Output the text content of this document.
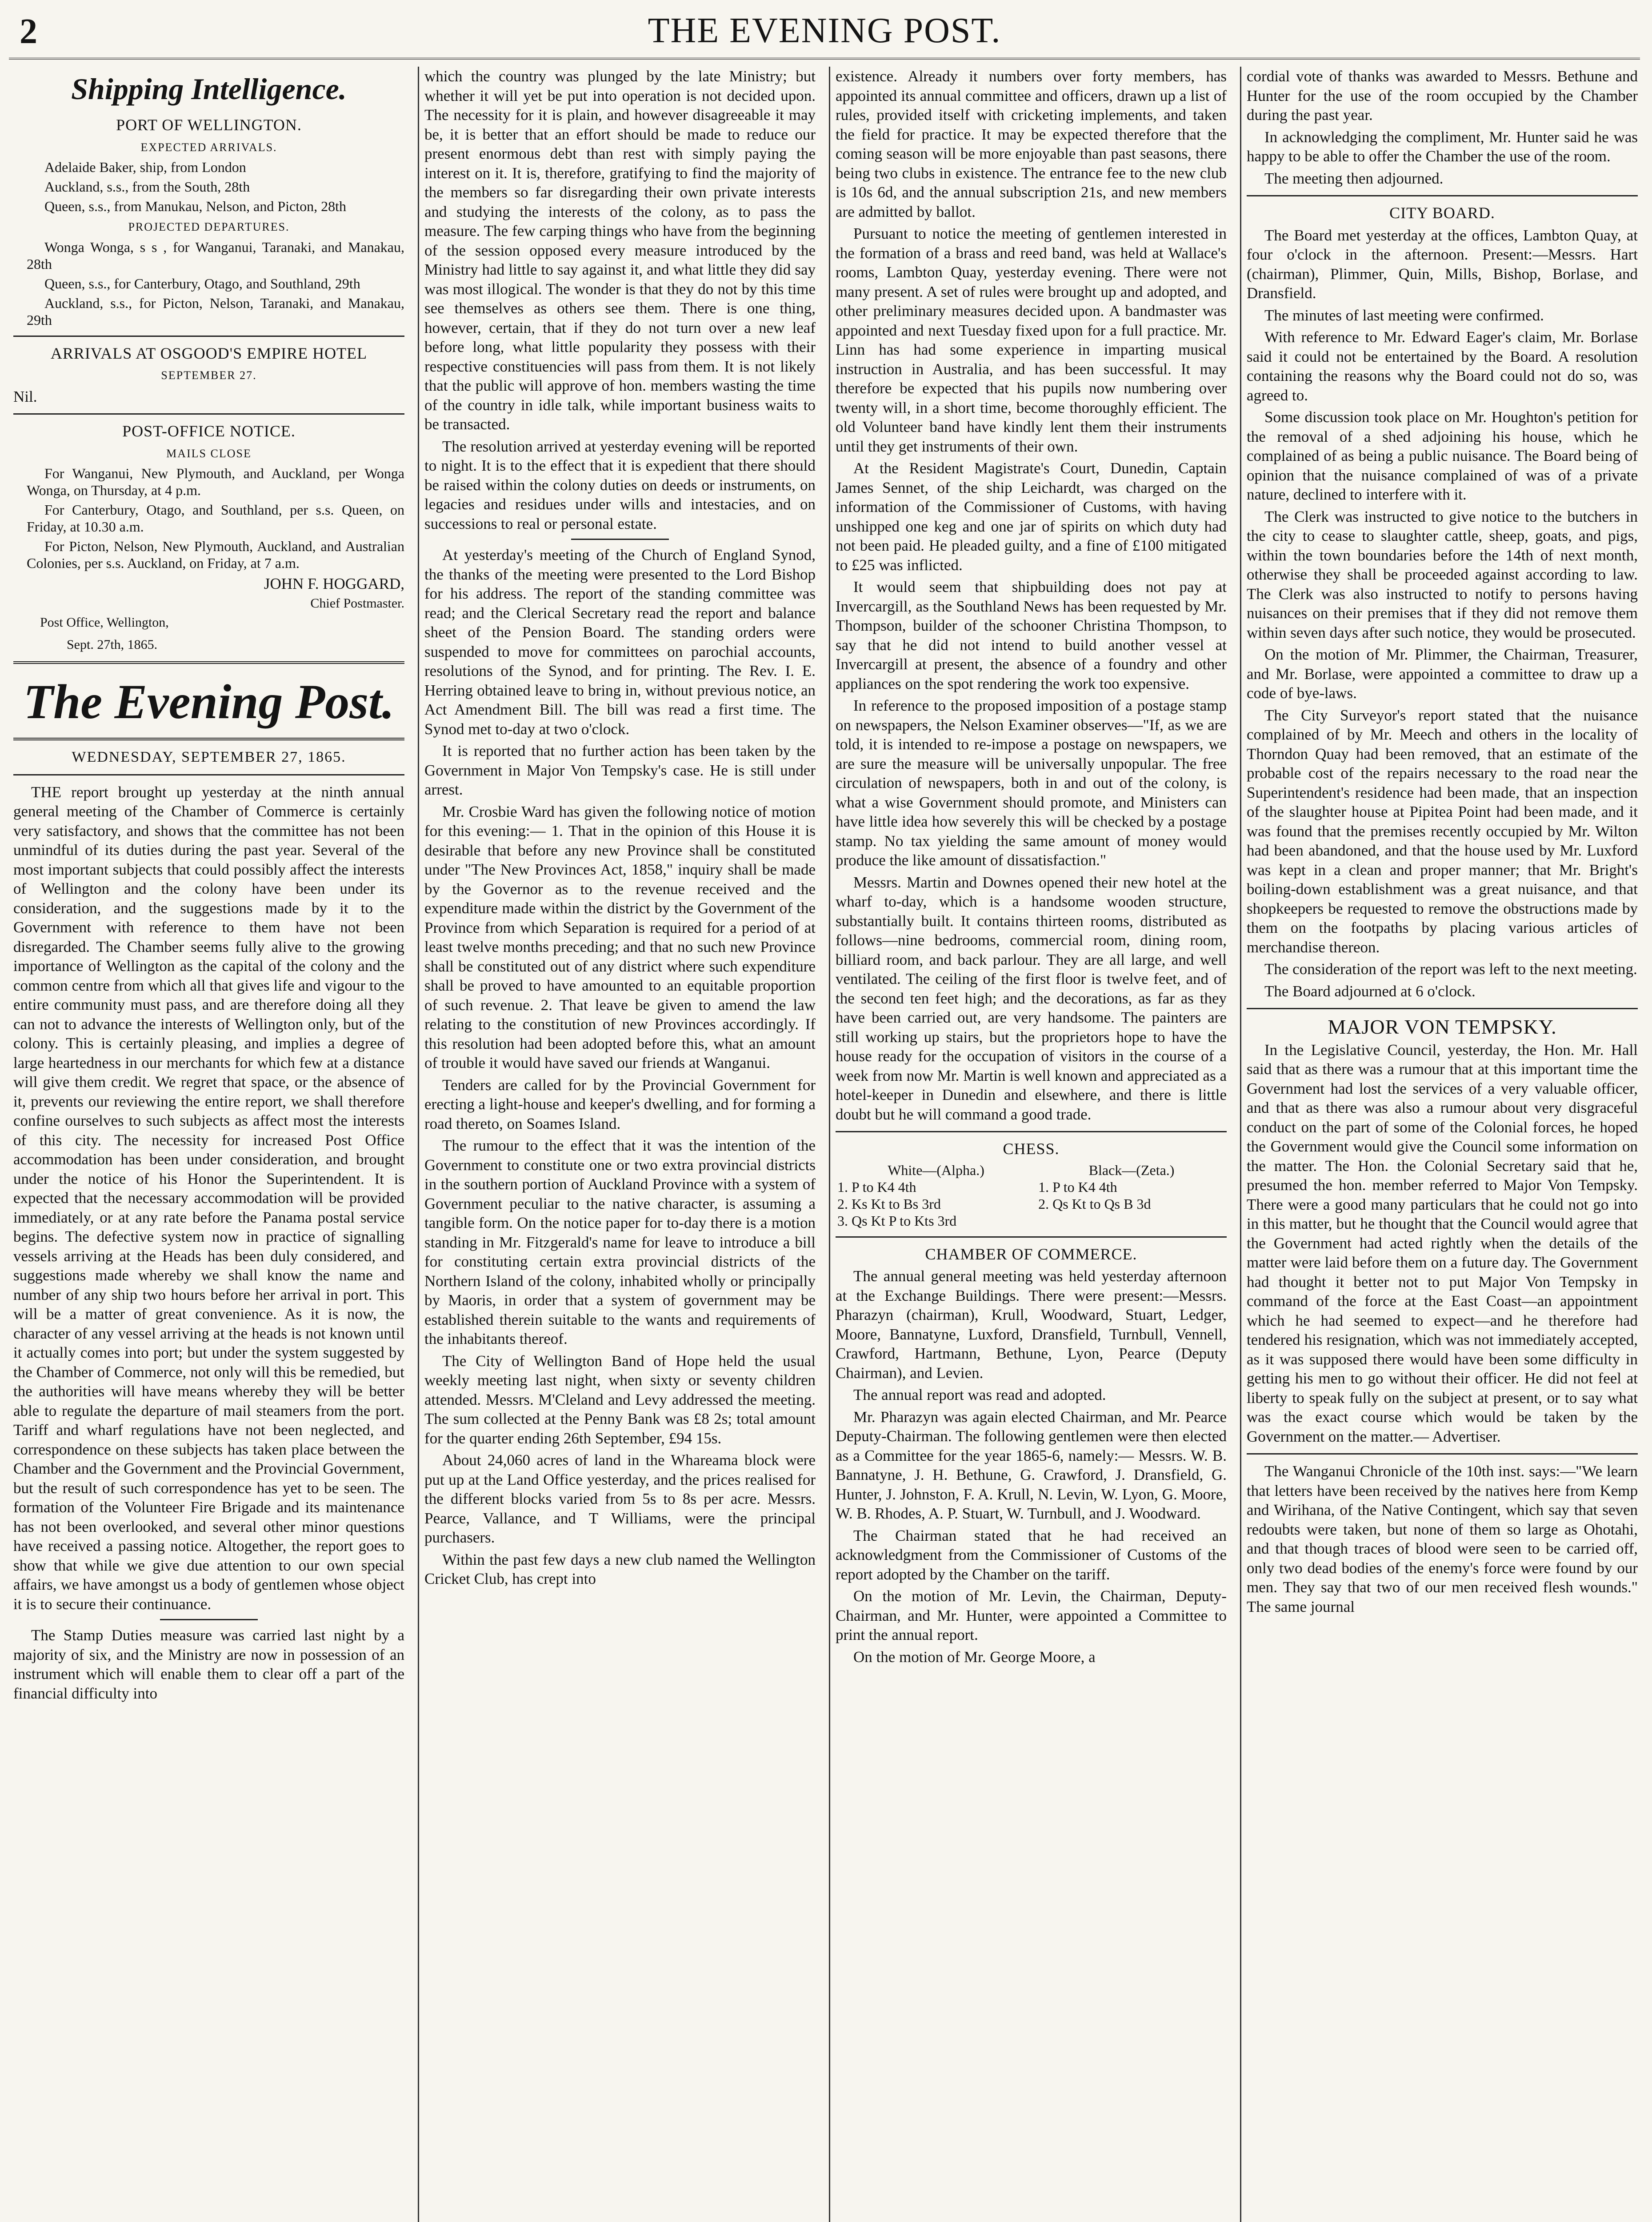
2	THE EVENING POST.
Shipping Intelligence.
PORT OF WELLINGTON.
EXPECTED ARRIVALS.

Adelaide Baker, ship, from London

Auckland, s.s., from the South, 28th

Queen, s.s., from Manukau, Nelson, and Picton, 28th

PROJECTED DEPARTURES.

Wonga Wonga, s s , for Wanganui, Taranaki, and Manakau, 28th

Queen, s.s., for Canterbury, Otago, and Southland, 29th

Auckland, s.s., for Picton, Nelson, Taranaki, and Manakau, 29th

ARRIVALS AT OSGOOD'S EMPIRE HOTEL
SEPTEMBER 27.

Nil.

POST-OFFICE NOTICE.
MAILS CLOSE

For Wanganui, New Plymouth, and Auckland, per Wonga Wonga, on Thursday, at 4 p.m.

For Canterbury, Otago, and Southland, per s.s. Queen, on Friday, at 10.30 a.m.

For Picton, Nelson, New Plymouth, Auckland, and Australian Colonies, per s.s. Auckland, on Friday, at 7 a.m.

JOHN F. HOGGARD,
Chief Postmaster.

Post Office, Wellington,

Sept. 27th, 1865.

The Evening Post.
WEDNESDAY, SEPTEMBER 27, 1865.

THE report brought up yesterday at the ninth annual general meeting of the Chamber of Commerce is certainly very satisfactory, and shows that the committee has not been unmindful of its duties during the past year. Several of the most important subjects that could possibly affect the interests of Wellington and the colony have been under its consideration, and the suggestions made by it to the Government with reference to them have not been disregarded. The Chamber seems fully alive to the growing importance of Wellington as the capital of the colony and the common centre from which all that gives life and vigour to the entire community must pass, and are therefore doing all they can not to advance the interests of Wellington only, but of the colony. This is certainly pleasing, and implies a degree of large heartedness in our merchants for which few at a distance will give them credit. We regret that space, or the absence of it, prevents our reviewing the entire report, we shall therefore confine ourselves to such subjects as affect most the interests of this city. The necessity for increased Post Office accommodation has been under consideration, and brought under the notice of his Honor the Superintendent. It is expected that the necessary accommodation will be provided immediately, or at any rate before the Panama postal service begins. The defective system now in practice of signalling vessels arriving at the Heads has been duly considered, and suggestions made whereby we shall know the name and number of any ship two hours before her arrival in port. This will be a matter of great convenience. As it is now, the character of any vessel arriving at the heads is not known until it actually comes into port; but under the system suggested by the Chamber of Commerce, not only will this be remedied, but the authorities will have means whereby they will be better able to regulate the departure of mail steamers from the port. Tariff and wharf regulations have not been neglected, and correspondence on these subjects has taken place between the Chamber and the Government and the Provincial Government, but the result of such correspondence has yet to be seen. The formation of the Volunteer Fire Brigade and its maintenance has not been overlooked, and several other minor questions have received a passing notice. Altogether, the report goes to show that while we give due attention to our own special affairs, we have amongst us a body of gentlemen whose object it is to secure their continuance.

The Stamp Duties measure was carried last night by a majority of six, and the Ministry are now in possession of an instrument which will enable them to clear off a part of the financial difficulty into

which the country was plunged by the late Ministry; but whether it will yet be put into operation is not decided upon. The necessity for it is plain, and however disagreeable it may be, it is better that an effort should be made to reduce our present enormous debt than rest with simply paying the interest on it. It is, therefore, gratifying to find the majority of the members so far disregarding their own private interests and studying the interests of the colony, as to pass the measure. The few carping things who have from the beginning of the session opposed every measure introduced by the Ministry had little to say against it, and what little they did say was most illogical. The wonder is that they do not by this time see themselves as others see them. There is one thing, however, certain, that if they do not turn over a new leaf before long, what little popularity they possess with their respective constituencies will pass from them. It is not likely that the public will approve of hon. members wasting the time of the country in idle talk, while important business waits to be transacted.

The resolution arrived at yesterday evening will be reported to night. It is to the effect that it is expedient that there should be raised within the colony duties on deeds or instruments, on legacies and residues under wills and intestacies, and on successions to real or personal estate.

At yesterday's meeting of the Church of England Synod, the thanks of the meeting were presented to the Lord Bishop for his address. The report of the standing committee was read; and the Clerical Secretary read the report and balance sheet of the Pension Board. The standing orders were suspended to move for committees on parochial accounts, resolutions of the Synod, and for printing. The Rev. I. E. Herring obtained leave to bring in, without previous notice, an Act Amendment Bill. The bill was read a first time. The Synod met to-day at two o'clock.

It is reported that no further action has been taken by the Government in Major Von Tempsky's case. He is still under arrest.

Mr. Crosbie Ward has given the following notice of motion for this evening:— 1. That in the opinion of this House it is desirable that before any new Province shall be constituted under "The New Provinces Act, 1858," inquiry shall be made by the Governor as to the revenue received and the expenditure made within the district by the Government of the Province from which Separation is required for a period of at least twelve months preceding; and that no such new Province shall be constituted out of any district where such expenditure shall be proved to have amounted to an equitable proportion of such revenue. 2. That leave be given to amend the law relating to the constitution of new Provinces accordingly. If this resolution had been adopted before this, what an amount of trouble it would have saved our friends at Wanganui.

Tenders are called for by the Provincial Government for erecting a light-house and keeper's dwelling, and for forming a road thereto, on Soames Island.

The rumour to the effect that it was the intention of the Government to constitute one or two extra provincial districts in the southern portion of Auckland Province with a system of Government peculiar to the native character, is assuming a tangible form. On the notice paper for to-day there is a motion standing in Mr. Fitzgerald's name for leave to introduce a bill for constituting certain extra provincial districts of the Northern Island of the colony, inhabited wholly or principally by Maoris, in order that a system of government may be established therein suitable to the wants and requirements of the inhabitants thereof.

The City of Wellington Band of Hope held the usual weekly meeting last night, when sixty or seventy children attended. Messrs. M'Cleland and Levy addressed the meeting. The sum collected at the Penny Bank was £8 2s; total amount for the quarter ending 26th September, £94 15s.

About 24,060 acres of land in the Whareama block were put up at the Land Office yesterday, and the prices realised for the different blocks varied from 5s to 8s per acre. Messrs. Pearce, Vallance, and T Williams, were the principal purchasers.

Within the past few days a new club named the Wellington Cricket Club, has crept into

existence. Already it numbers over forty members, has appointed its annual committee and officers, drawn up a list of rules, provided itself with cricketing implements, and taken the field for practice. It may be expected therefore that the coming season will be more enjoyable than past seasons, there being two clubs in existence. The entrance fee to the new club is 10s 6d, and the annual subscription 21s, and new members are admitted by ballot.

Pursuant to notice the meeting of gentlemen interested in the formation of a brass and reed band, was held at Wallace's rooms, Lambton Quay, yesterday evening. There were not many present. A set of rules were brought up and adopted, and other preliminary measures decided upon. A bandmaster was appointed and next Tuesday fixed upon for a full practice. Mr. Linn has had some experience in imparting musical instruction in Australia, and has been successful. It may therefore be expected that his pupils now numbering over twenty will, in a short time, become thoroughly efficient. The old Volunteer band have kindly lent them their instruments until they get instruments of their own.

At the Resident Magistrate's Court, Dunedin, Captain James Sennet, of the ship Leichardt, was charged on the information of the Commissioner of Customs, with having unshipped one keg and one jar of spirits on which duty had not been paid. He pleaded guilty, and a fine of £100 mitigated to £25 was inflicted.

It would seem that shipbuilding does not pay at Invercargill, as the Southland News has been requested by Mr. Thompson, builder of the schooner Christina Thompson, to say that he did not intend to build another vessel at Invercargill at present, the absence of a foundry and other appliances on the spot rendering the work too expensive.

In reference to the proposed imposition of a postage stamp on newspapers, the Nelson Examiner observes—"If, as we are told, it is intended to re-impose a postage on newspapers, we are sure the measure will be universally unpopular. The free circulation of newspapers, both in and out of the colony, is what a wise Government should promote, and Ministers can have little idea how severely this will be checked by a postage stamp. No tax yielding the same amount of money would produce the like amount of dissatisfaction."

Messrs. Martin and Downes opened their new hotel at the wharf to-day, which is a handsome wooden structure, substantially built. It contains thirteen rooms, distributed as follows—nine bedrooms, commercial room, dining room, billiard room, and back parlour. They are all large, and well ventilated. The ceiling of the first floor is twelve feet, and of the second ten feet high; and the decorations, as far as they have been carried out, are very handsome. The painters are still working up stairs, but the proprietors hope to have the house ready for the occupation of visitors in the course of a week from now Mr. Martin is well known and appreciated as a hotel-keeper in Dunedin and elsewhere, and there is little doubt but he will command a good trade.

CHESS.
White—(Alpha.)	Black—(Zeta.)
1. P to K4 4th	1. P to K4 4th
2. Ks Kt to Bs 3rd	2. Qs Kt to Qs B 3d
3. Qs Kt P to Kts 3rd	
CHAMBER OF COMMERCE.

The annual general meeting was held yesterday afternoon at the Exchange Buildings. There were present:—Messrs. Pharazyn (chairman), Krull, Woodward, Stuart, Ledger, Moore, Bannatyne, Luxford, Dransfield, Turnbull, Vennell, Crawford, Hartmann, Bethune, Lyon, Pearce (Deputy Chairman), and Levien.

The annual report was read and adopted.

Mr. Pharazyn was again elected Chairman, and Mr. Pearce Deputy-Chairman. The following gentlemen were then elected as a Committee for the year 1865-6, namely:— Messrs. W. B. Bannatyne, J. H. Bethune, G. Crawford, J. Dransfield, G. Hunter, J. Johnston, F. A. Krull, N. Levin, W. Lyon, G. Moore, W. B. Rhodes, A. P. Stuart, W. Turnbull, and J. Woodward.

The Chairman stated that he had received an acknowledgment from the Commissioner of Customs of the report adopted by the Chamber on the tariff.

On the motion of Mr. Levin, the Chairman, Deputy-Chairman, and Mr. Hunter, were appointed a Committee to print the annual report.

On the motion of Mr. George Moore, a

cordial vote of thanks was awarded to Messrs. Bethune and Hunter for the use of the room occupied by the Chamber during the past year.

In acknowledging the compliment, Mr. Hunter said he was happy to be able to offer the Chamber the use of the room.

The meeting then adjourned.

CITY BOARD.

The Board met yesterday at the offices, Lambton Quay, at four o'clock in the afternoon. Present:—Messrs. Hart (chairman), Plimmer, Quin, Mills, Bishop, Borlase, and Dransfield.

The minutes of last meeting were confirmed.

With reference to Mr. Edward Eager's claim, Mr. Borlase said it could not be entertained by the Board. A resolution containing the reasons why the Board could not do so, was agreed to.

Some discussion took place on Mr. Houghton's petition for the removal of a shed adjoining his house, which he complained of as being a public nuisance. The Board being of opinion that the nuisance complained of was of a private nature, declined to interfere with it.

The Clerk was instructed to give notice to the butchers in the city to cease to slaughter cattle, sheep, goats, and pigs, within the town boundaries before the 14th of next month, otherwise they shall be proceeded against according to law. The Clerk was also instructed to notify to persons having nuisances on their premises that if they did not remove them within seven days after such notice, they would be prosecuted.

On the motion of Mr. Plimmer, the Chairman, Treasurer, and Mr. Borlase, were appointed a committee to draw up a code of bye-laws.

The City Surveyor's report stated that the nuisance complained of by Mr. Meech and others in the locality of Thorndon Quay had been removed, that an estimate of the probable cost of the repairs necessary to the road near the Superintendent's residence had been made, that an inspection of the slaughter house at Pipitea Point had been made, and it was found that the premises recently occupied by Mr. Wilton had been abandoned, and that the house used by Mr. Luxford was kept in a clean and proper manner; that Mr. Bright's boiling-down establishment was a great nuisance, and that shopkeepers be requested to remove the obstructions made by them on the footpaths by placing various articles of merchandise thereon.

The consideration of the report was left to the next meeting.

The Board adjourned at 6 o'clock.

MAJOR VON TEMPSKY.

In the Legislative Council, yesterday, the Hon. Mr. Hall said that as there was a rumour that at this important time the Government had lost the services of a very valuable officer, and that as there was also a rumour about very disgraceful conduct on the part of some of the Colonial forces, he hoped the Government would give the Council some information on the matter. The Hon. the Colonial Secretary said that he, presumed the hon. member referred to Major Von Tempsky. There were a good many particulars that he could not go into in this matter, but he thought that the Council would agree that the Government had acted rightly when the details of the matter were laid before them on a future day. The Government had thought it better not to put Major Von Tempsky in command of the force at the East Coast—an appointment which he had seemed to expect—and he therefore had tendered his resignation, which was not immediately accepted, as it was supposed there would have been some difficulty in getting his men to go without their officer. He did not feel at liberty to speak fully on the subject at present, or to say what was the exact course which would be taken by the Government on the matter.— Advertiser.

The Wanganui Chronicle of the 10th inst. says:—"We learn that letters have been received by the natives here from Kemp and Wirihana, of the Native Contingent, which say that seven redoubts were taken, but none of them so large as Ohotahi, and that though traces of blood were seen to be carried off, only two dead bodies of the enemy's force were found by our men. They say that two of our men received flesh wounds." The same journal
